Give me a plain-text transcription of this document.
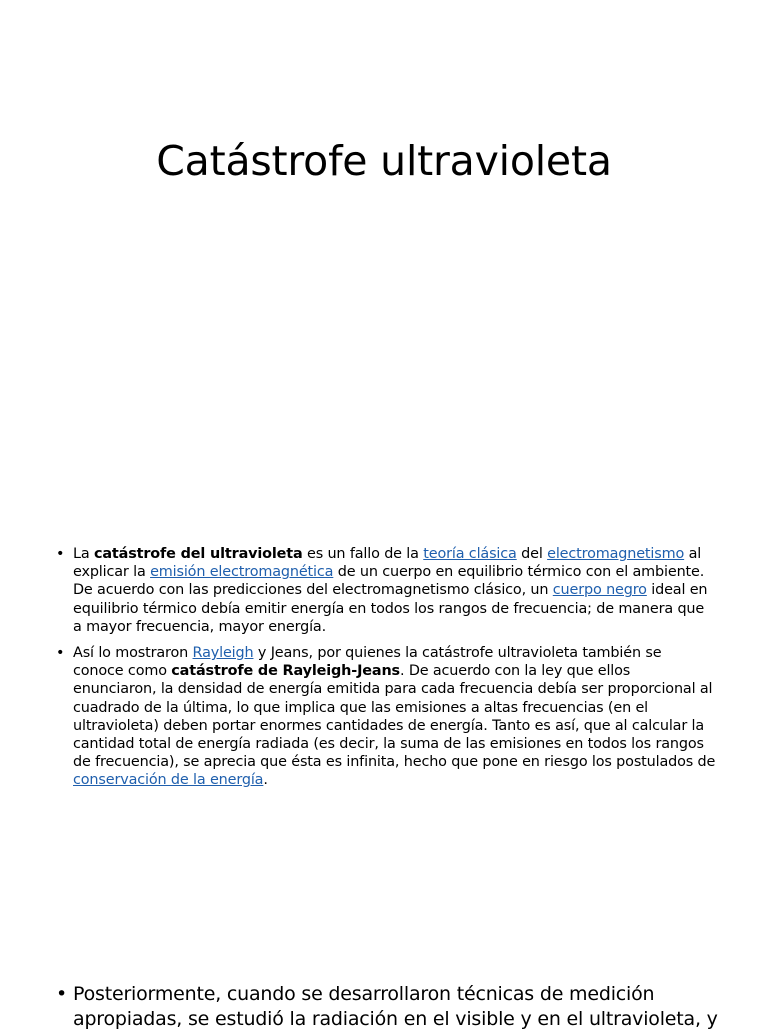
Catástrofe ultravioleta
• La catástrofe del ultravioleta es un fallo de la teoría clásica del electromagnetismo al explicar la emisión electromagnética de un cuerpo en equilibrio térmico con el ambiente. De acuerdo con las predicciones del electromagnetismo clásico, un cuerpo negro ideal en equilibrio térmico debía emitir energía en todos los rangos de frecuencia; de manera que a mayor frecuencia, mayor energía.
• Así lo mostraron Rayleigh y Jeans, por quienes la catástrofe ultravioleta también se conoce como catástrofe de Rayleigh-Jeans. De acuerdo con la ley que ellos enunciaron, la densidad de energía emitida para cada frecuencia debía ser proporcional al cuadrado de la última, lo que implica que las emisiones a altas frecuencias (en el ultravioleta) deben portar enormes cantidades de energía. Tanto es así, que al calcular la cantidad total de energía radiada (es decir, la suma de las emisiones en todos los rangos de frecuencia), se aprecia que ésta es infinita, hecho que pone en riesgo los postulados de conservación de la energía.
• Posteriormente, cuando se desarrollaron técnicas de medición apropiadas, se estudió la radiación en el visible y en el ultravioleta, y
